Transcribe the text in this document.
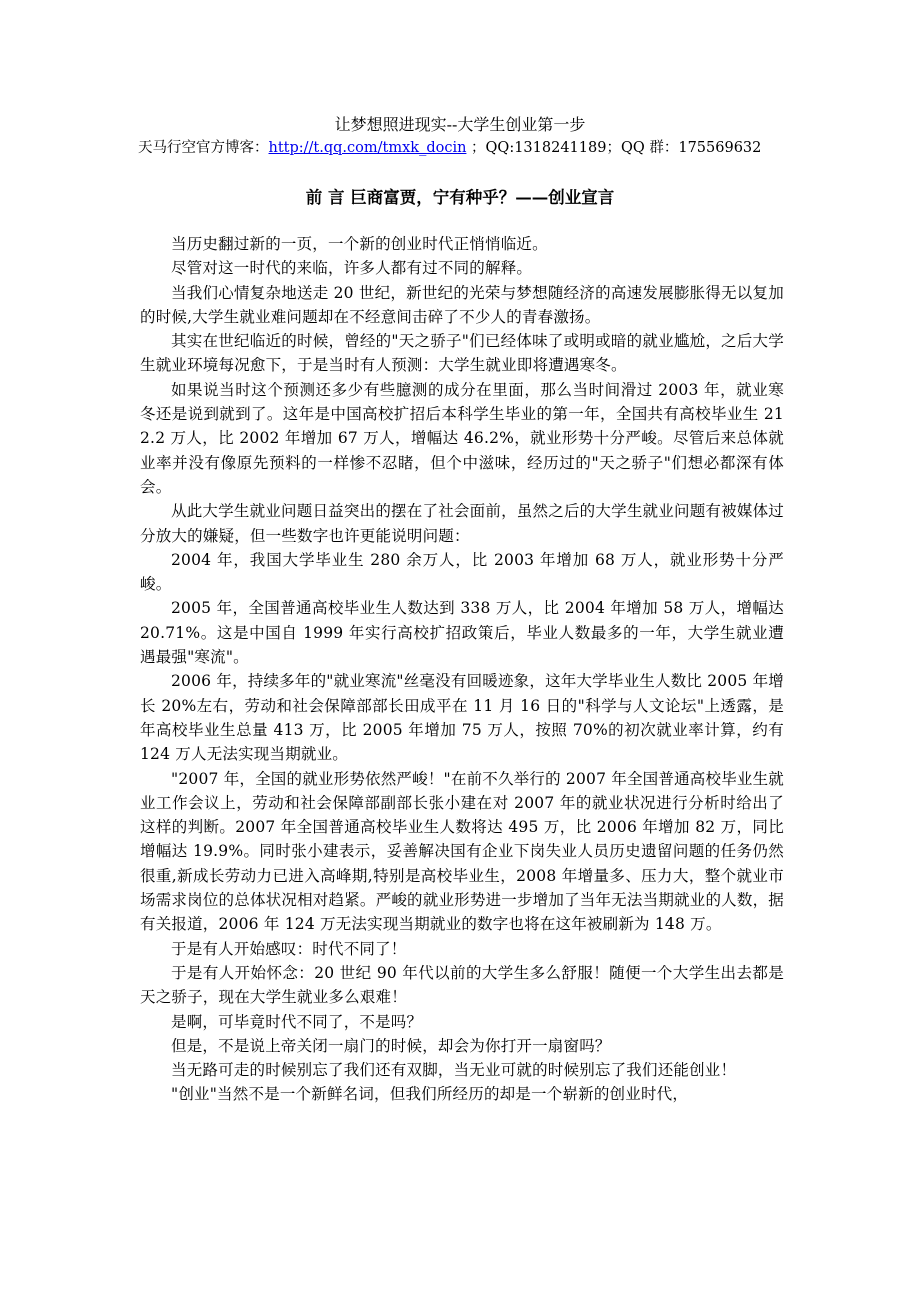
让梦想照进现实--大学生创业第一步
天马行空官方博客：http://t.qq.com/tmxk_docin ；QQ:1318241189；QQ 群：175569632
前 言 巨商富贾，宁有种乎？——创业宣言

当历史翻过新的一页，一个新的创业时代正悄悄临近。

尽管对这一时代的来临，许多人都有过不同的解释。

当我们心情复杂地送走 20 世纪，新世纪的光荣与梦想随经济的高速发展膨胀得无以复加的时候,大学生就业难问题却在不经意间击碎了不少人的青春激扬。

其实在世纪临近的时候，曾经的"天之骄子"们已经体味了或明或暗的就业尴尬，之后大学生就业环境每况愈下，于是当时有人预测：大学生就业即将遭遇寒冬。

如果说当时这个预测还多少有些臆测的成分在里面，那么当时间滑过 2003 年，就业寒冬还是说到就到了。这年是中国高校扩招后本科学生毕业的第一年，全国共有高校毕业生 212.2 万人，比 2002 年增加 67 万人，增幅达 46.2%，就业形势十分严峻。尽管后来总体就业率并没有像原先预料的一样惨不忍睹，但个中滋味，经历过的"天之骄子"们想必都深有体会。

从此大学生就业问题日益突出的摆在了社会面前，虽然之后的大学生就业问题有被媒体过分放大的嫌疑，但一些数字也许更能说明问题：

2004 年，我国大学毕业生 280 余万人，比 2003 年增加 68 万人，就业形势十分严峻。

2005 年，全国普通高校毕业生人数达到 338 万人，比 2004 年增加 58 万人，增幅达 20.71%。这是中国自 1999 年实行高校扩招政策后，毕业人数最多的一年，大学生就业遭遇最强"寒流"。

2006 年，持续多年的"就业寒流"丝毫没有回暖迹象，这年大学毕业生人数比 2005 年增长 20%左右，劳动和社会保障部部长田成平在 11 月 16 日的"科学与人文论坛"上透露，是年高校毕业生总量 413 万，比 2005 年增加 75 万人，按照 70%的初次就业率计算，约有 124 万人无法实现当期就业。

"2007 年，全国的就业形势依然严峻！"在前不久举行的 2007 年全国普通高校毕业生就业工作会议上，劳动和社会保障部副部长张小建在对 2007 年的就业状况进行分析时给出了这样的判断。2007 年全国普通高校毕业生人数将达 495 万，比 2006 年增加 82 万，同比增幅达 19.9%。同时张小建表示，妥善解决国有企业下岗失业人员历史遗留问题的任务仍然很重,新成长劳动力已进入高峰期,特别是高校毕业生，2008 年增量多、压力大，整个就业市场需求岗位的总体状况相对趋紧。严峻的就业形势进一步增加了当年无法当期就业的人数，据有关报道，2006 年 124 万无法实现当期就业的数字也将在这年被刷新为 148 万。

于是有人开始感叹：时代不同了！

于是有人开始怀念：20 世纪 90 年代以前的大学生多么舒服！随便一个大学生出去都是天之骄子，现在大学生就业多么艰难！

是啊，可毕竟时代不同了，不是吗？

但是，不是说上帝关闭一扇门的时候，却会为你打开一扇窗吗？

当无路可走的时候别忘了我们还有双脚，当无业可就的时候别忘了我们还能创业！

"创业"当然不是一个新鲜名词，但我们所经历的却是一个崭新的创业时代，
